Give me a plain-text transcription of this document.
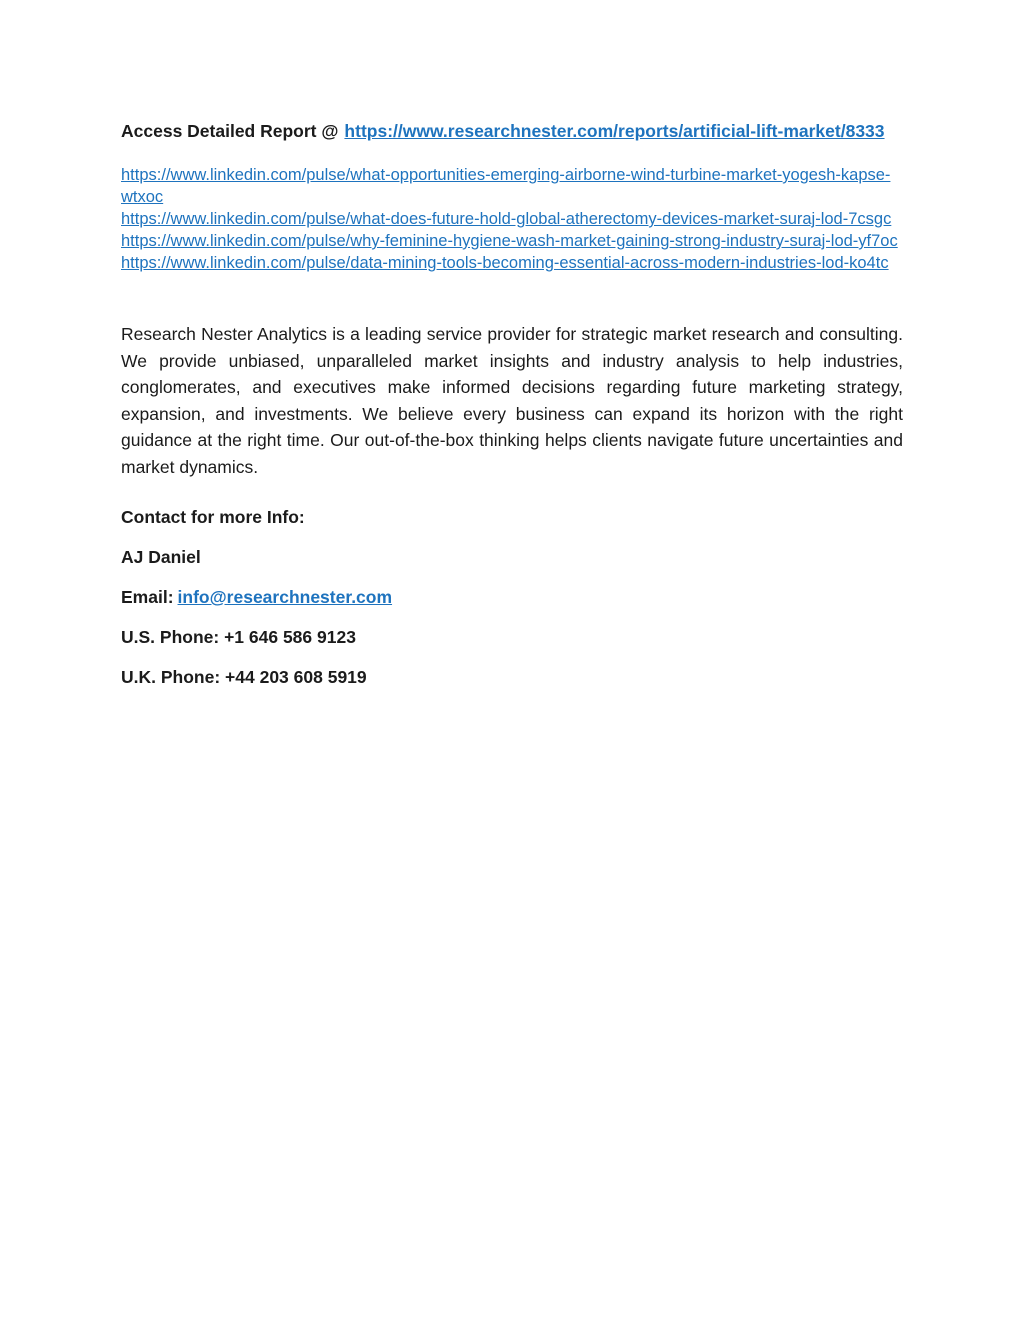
Access Detailed Report @ https://www.researchnester.com/reports/artificial-lift-market/8333
https://www.linkedin.com/pulse/what-opportunities-emerging-airborne-wind-turbine-market-yogesh-kapse-wtxoc
https://www.linkedin.com/pulse/what-does-future-hold-global-atherectomy-devices-market-suraj-lod-7csgc
https://www.linkedin.com/pulse/why-feminine-hygiene-wash-market-gaining-strong-industry-suraj-lod-yf7oc
https://www.linkedin.com/pulse/data-mining-tools-becoming-essential-across-modern-industries-lod-ko4tc
Research Nester Analytics is a leading service provider for strategic market research and consulting. We provide unbiased, unparalleled market insights and industry analysis to help industries, conglomerates, and executives make informed decisions regarding future marketing strategy, expansion, and investments. We believe every business can expand its horizon with the right guidance at the right time. Our out-of-the-box thinking helps clients navigate future uncertainties and market dynamics.
Contact for more Info:
AJ Daniel
Email: info@researchnester.com
U.S. Phone: +1 646 586 9123
U.K. Phone: +44 203 608 5919
